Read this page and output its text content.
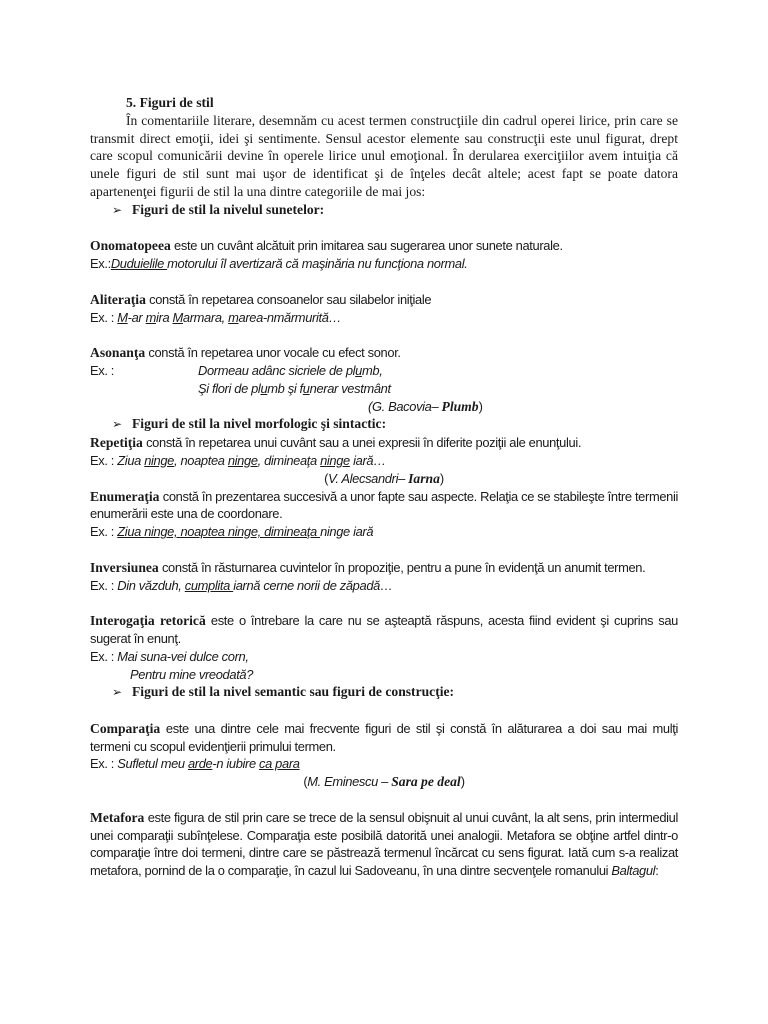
5. Figuri de stil

În comentariile literare, desemnăm cu acest termen construcţiile din cadrul operei lirice, prin care se transmit direct emoţii, idei şi sentimente. Sensul acestor elemente sau construcţii este unul figurat, drept care scopul comunicării devine în operele lirice unul emoţional. În derularea exerciţiilor avem intuiţia că unele figuri de stil sunt mai uşor de identificat şi de înţeles decât altele; acest fapt se poate datora apartenenţei figurii de stil la una dintre categoriile de mai jos:

➢ Figuri de stil la nivelul sunetelor:

Onomatopeea este un cuvânt alcătuit prin imitarea sau sugerarea unor sunete naturale.

Ex.:Duduielile motorului îl avertizară că maşinăria nu funcţiona normal.

Aliteraţia constă în repetarea consoanelor sau silabelor iniţiale

Ex. : M-ar mira Marmara, marea-nmărmurită…

Asonanţa constă în repetarea unor vocale cu efect sonor.

Ex. :	Dormeau adânc sicriele de plumb,

Şi flori de plumb şi funerar vestmânt

(G. Bacovia– Plumb)

➢ Figuri de stil la nivel morfologic şi sintactic:

Repetiţia constă în repetarea unui cuvânt sau a unei expresii în diferite poziţii ale enunţului.

Ex. : Ziua ninge, noaptea ninge, dimineaţa ninge iară…

(V. Alecsandri– Iarna)

Enumeraţia constă în prezentarea succesivă a unor fapte sau aspecte. Relaţia ce se stabileşte între termenii enumerării este una de coordonare.

Ex. : Ziua ninge, noaptea ninge, dimineaţa ninge iară

Inversiunea constă în răsturnarea cuvintelor în propoziţie, pentru a pune în evidenţă un anumit termen.

Ex. : Din văzduh, cumplita iarnă cerne norii de zăpadă…

Interogaţia retorică este o întrebare la care nu se aşteaptă răspuns, acesta fiind evident şi cuprins sau sugerat în enunţ.

Ex. : Mai suna-vei dulce corn,

Pentru mine vreodată?

➢ Figuri de stil la nivel semantic sau figuri de construcţie:

Comparaţia este una dintre cele mai frecvente figuri de stil şi constă în alăturarea a doi sau mai mulţi termeni cu scopul evidenţierii primului termen.

Ex. : Sufletul meu arde-n iubire ca para

(M. Eminescu – Sara pe deal)

Metafora este figura de stil prin care se trece de la sensul obişnuit al unui cuvânt, la alt sens, prin intermediul unei comparaţii subînţelese. Comparaţia este posibilă datorită unei analogii. Metafora se obţine artfel dintr-o comparaţie între doi termeni, dintre care se păstrează termenul încărcat cu sens figurat. Iată cum s-a realizat metafora, pornind de la o comparaţie, în cazul lui Sadoveanu, în una dintre secvenţele romanului Baltagul:
